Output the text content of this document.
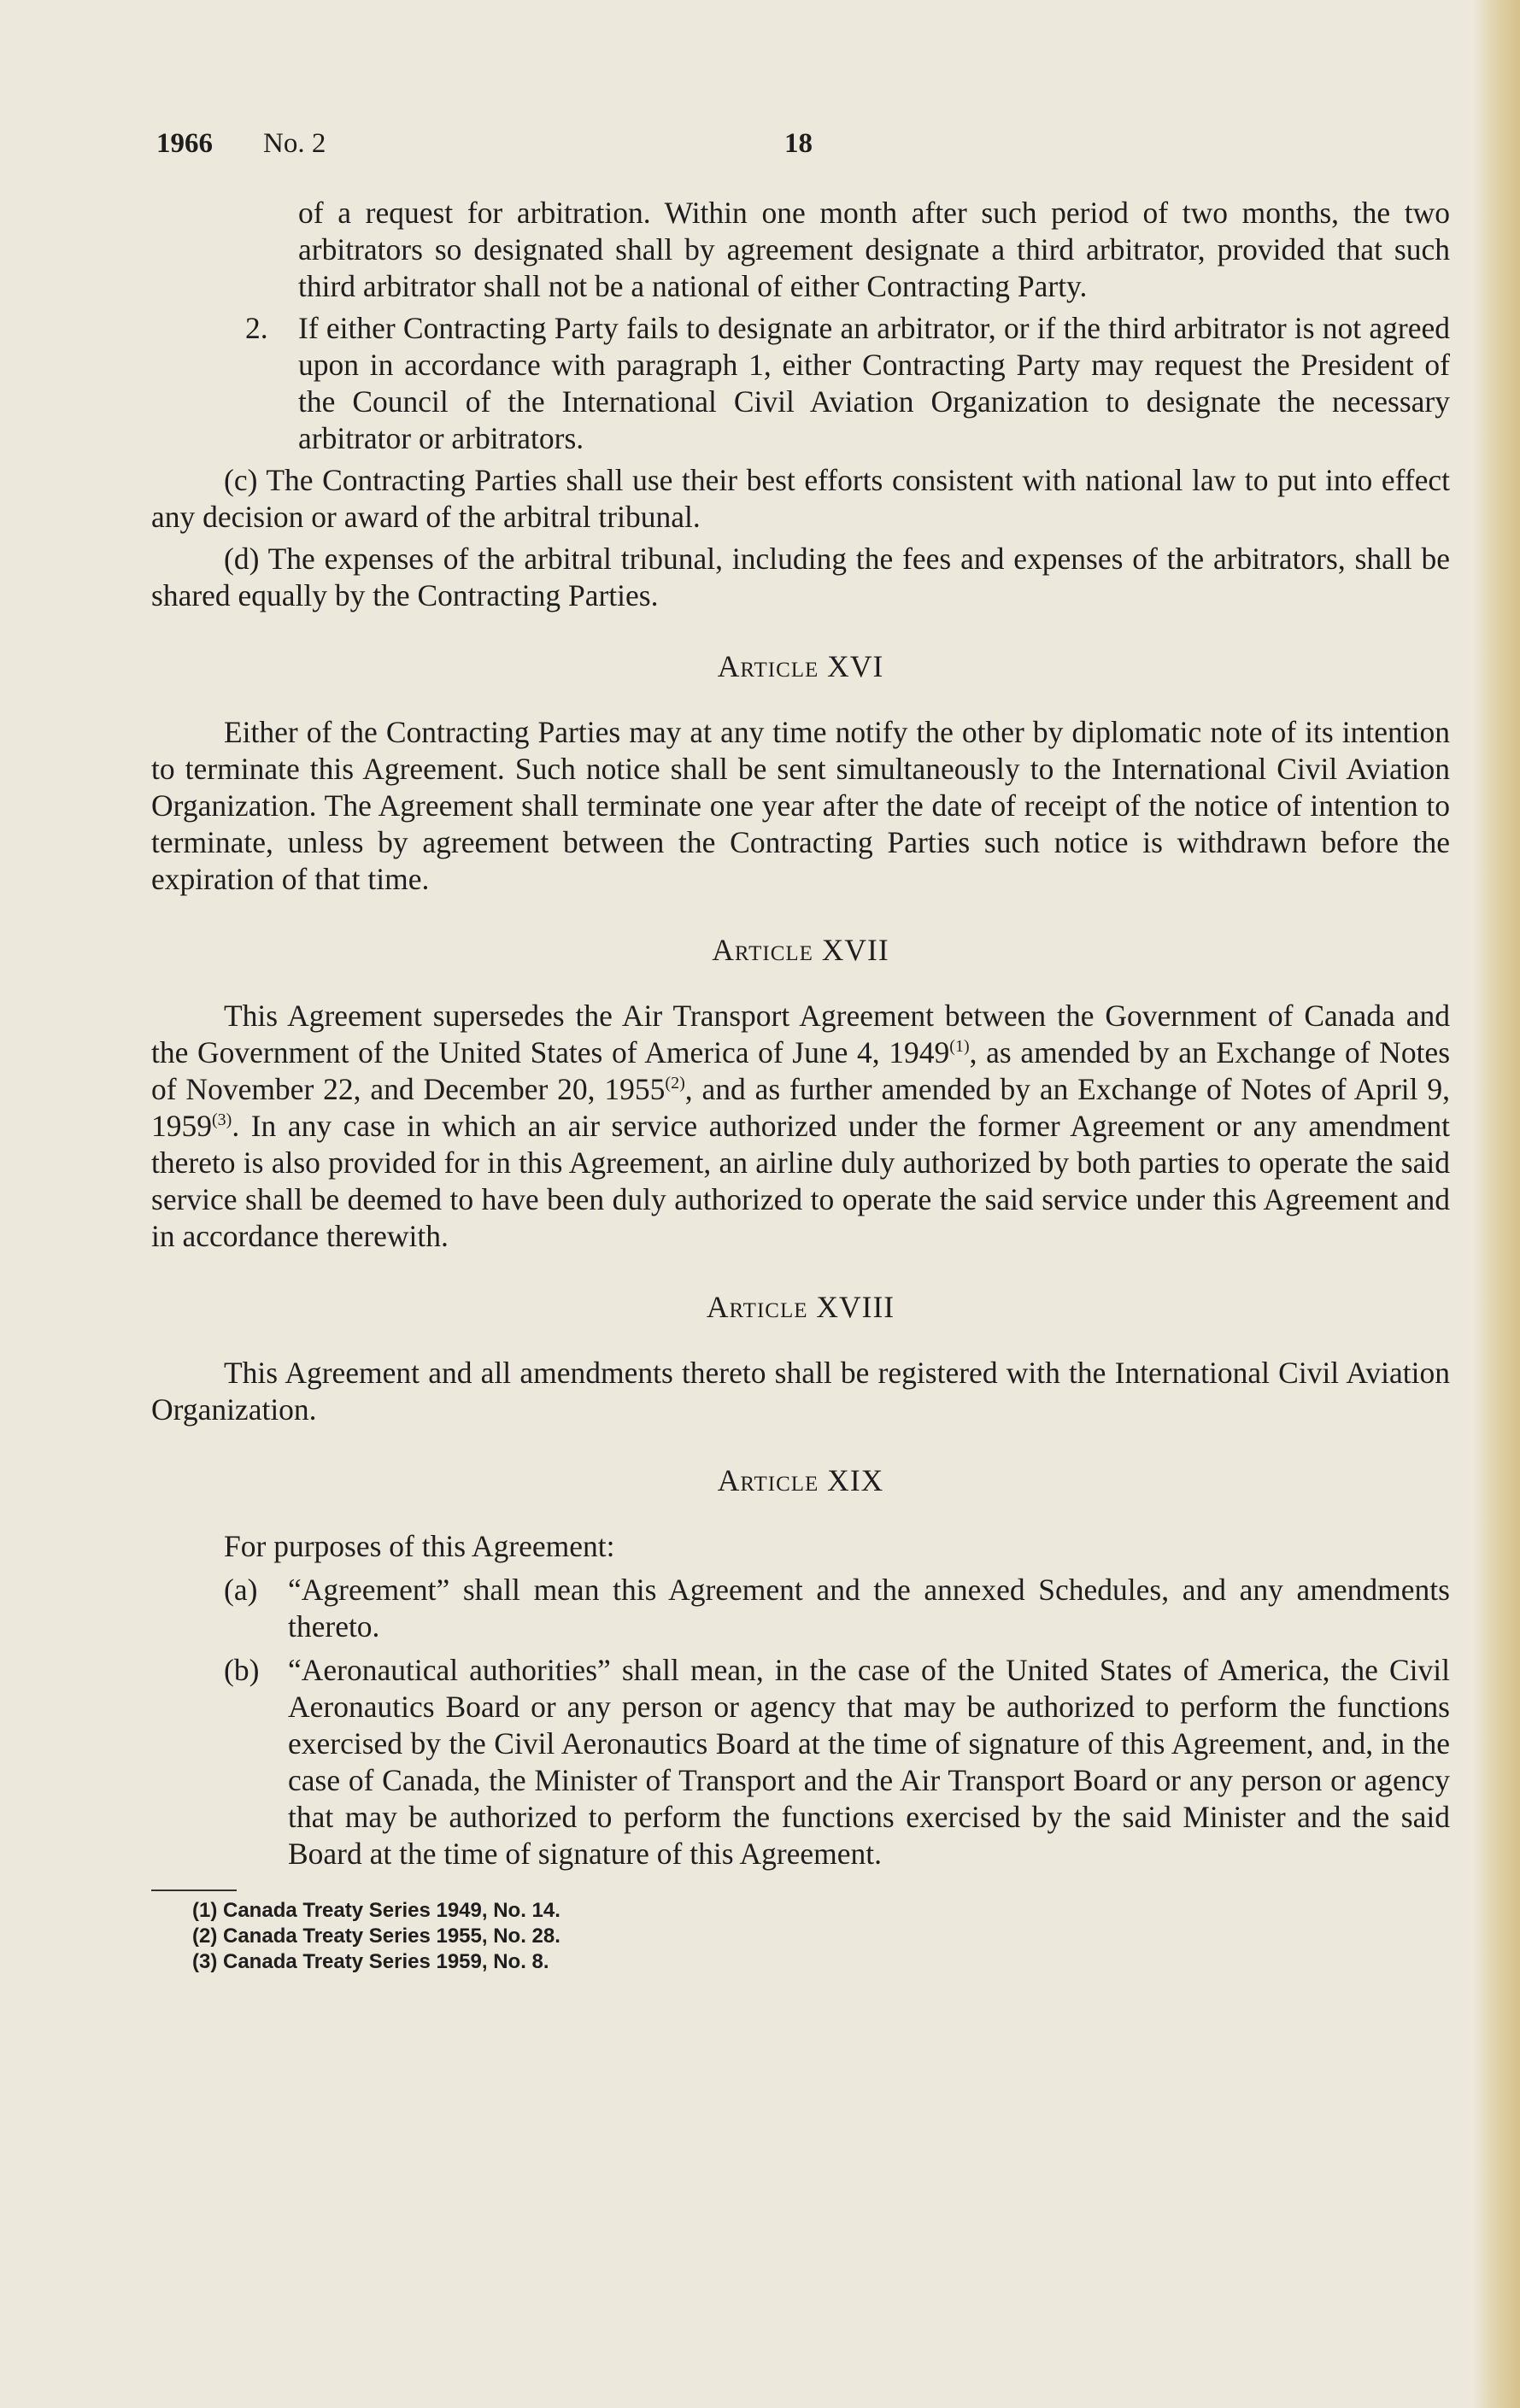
1966 No. 2	18

of a request for arbitration. Within one month after such period of two months, the two arbitrators so designated shall by agreement designate a third arbitrator, provided that such third arbitrator shall not be a national of either Contracting Party.

2. If either Contracting Party fails to designate an arbitrator, or if the third arbitrator is not agreed upon in accordance with paragraph 1, either Contracting Party may request the President of the Council of the International Civil Aviation Organization to designate the necessary arbitrator or arbitrators.

(c) The Contracting Parties shall use their best efforts consistent with national law to put into effect any decision or award of the arbitral tribunal.

(d) The expenses of the arbitral tribunal, including the fees and expenses of the arbitrators, shall be shared equally by the Contracting Parties.

Article XVI

Either of the Contracting Parties may at any time notify the other by diplomatic note of its intention to terminate this Agreement. Such notice shall be sent simultaneously to the International Civil Aviation Organization. The Agreement shall terminate one year after the date of receipt of the notice of intention to terminate, unless by agreement between the Contracting Parties such notice is withdrawn before the expiration of that time.

Article XVII

This Agreement supersedes the Air Transport Agreement between the Government of Canada and the Government of the United States of America of June 4, 1949$^{(1)}$, as amended by an Exchange of Notes of November 22, and December 20, 1955$^{(2)}$, and as further amended by an Exchange of Notes of April 9, 1959$^{(3)}$. In any case in which an air service authorized under the former Agreement or any amendment thereto is also provided for in this Agreement, an airline duly authorized by both parties to operate the said service shall be deemed to have been duly authorized to operate the said service under this Agreement and in accordance therewith.

Article XVIII

This Agreement and all amendments thereto shall be registered with the International Civil Aviation Organization.

Article XIX

For purposes of this Agreement:

(a) “Agreement” shall mean this Agreement and the annexed Schedules, and any amendments thereto.

(b) “Aeronautical authorities” shall mean, in the case of the United States of America, the Civil Aeronautics Board or any person or agency that may be authorized to perform the functions exercised by the Civil Aeronautics Board at the time of signature of this Agreement, and, in the case of Canada, the Minister of Transport and the Air Transport Board or any person or agency that may be authorized to perform the functions exercised by the said Minister and the said Board at the time of signature of this Agreement.

(1) Canada Treaty Series 1949, No. 14.

(2) Canada Treaty Series 1955, No. 28.

(3) Canada Treaty Series 1959, No. 8.
